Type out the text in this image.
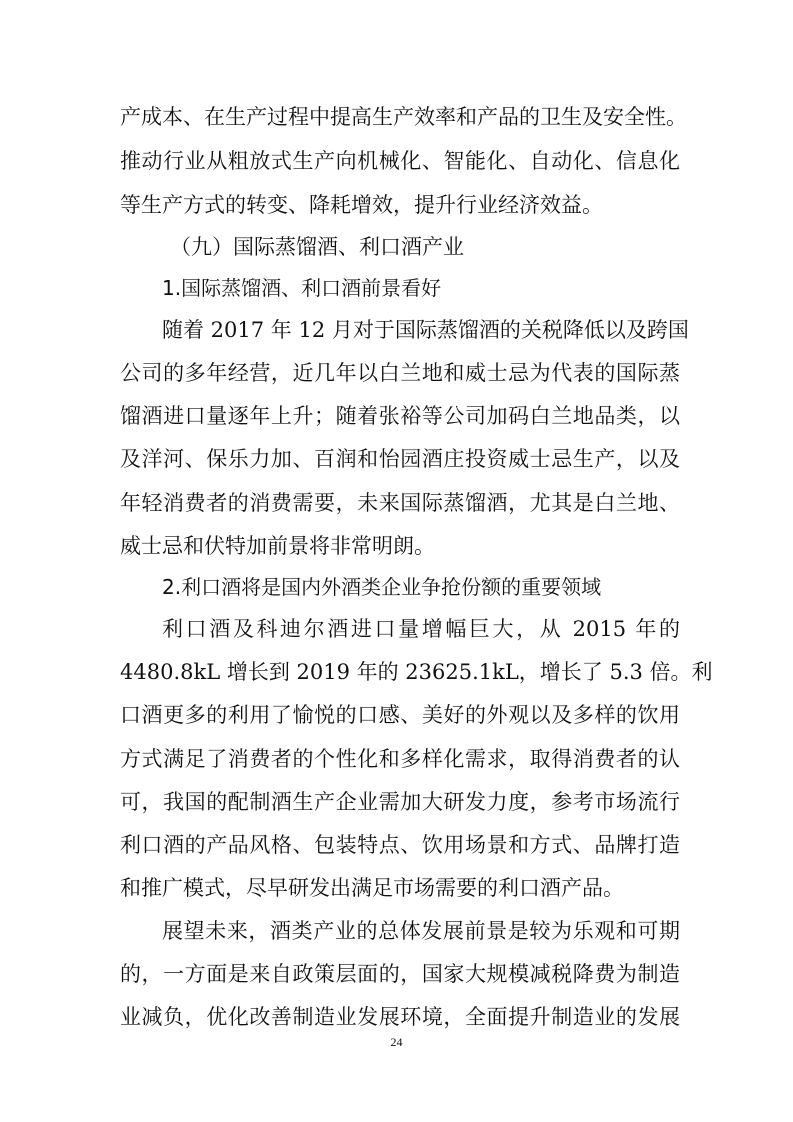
产成本、在生产过程中提高生产效率和产品的卫生及安全性。
推动行业从粗放式生产向机械化、智能化、自动化、信息化
等生产方式的转变、降耗增效，提升行业经济效益。
（九）国际蒸馏酒、利口酒产业
1.国际蒸馏酒、利口酒前景看好
随着 2017 年 12 月对于国际蒸馏酒的关税降低以及跨国
公司的多年经营，近几年以白兰地和威士忌为代表的国际蒸
馏酒进口量逐年上升；随着张裕等公司加码白兰地品类，以
及洋河、保乐力加、百润和怡园酒庄投资威士忌生产，以及
年轻消费者的消费需要，未来国际蒸馏酒，尤其是白兰地、
威士忌和伏特加前景将非常明朗。
2.利口酒将是国内外酒类企业争抢份额的重要领域
利口酒及科迪尔酒进口量增幅巨大，从 2015 年的
4480.8kL 增长到 2019 年的 23625.1kL，增长了 5.3 倍。利
口酒更多的利用了愉悦的口感、美好的外观以及多样的饮用
方式满足了消费者的个性化和多样化需求，取得消费者的认
可，我国的配制酒生产企业需加大研发力度，参考市场流行
利口酒的产品风格、包装特点、饮用场景和方式、品牌打造
和推广模式，尽早研发出满足市场需要的利口酒产品。
展望未来，酒类产业的总体发展前景是较为乐观和可期
的，一方面是来自政策层面的，国家大规模减税降费为制造
业减负，优化改善制造业发展环境，全面提升制造业的发展
24
